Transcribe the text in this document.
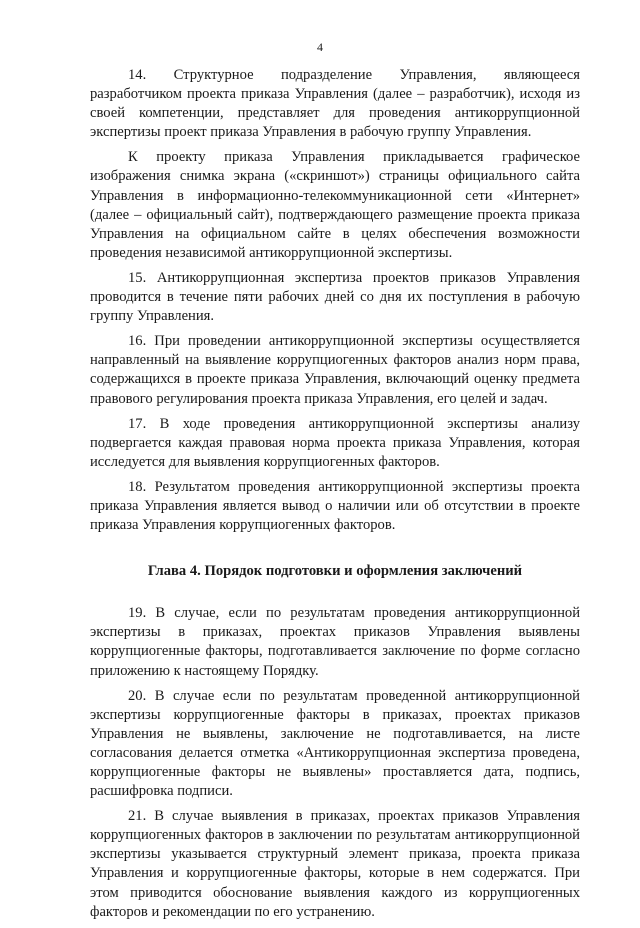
4

14. Структурное подразделение Управления, являющееся разработчиком проекта приказа Управления (далее – разработчик), исходя из своей компетенции, представляет для проведения антикоррупционной экспертизы проект приказа Управления в рабочую группу Управления.

К проекту приказа Управления прикладывается графическое изображения снимка экрана («скриншот») страницы официального сайта Управления в информационно-телекоммуникационной сети «Интернет» (далее – официальный сайт), подтверждающего размещение проекта приказа Управления на официальном сайте в целях обеспечения возможности проведения независимой антикоррупционной экспертизы.

15. Антикоррупционная экспертиза проектов приказов Управления проводится в течение пяти рабочих дней со дня их поступления в рабочую группу Управления.

16. При проведении антикоррупционной экспертизы осуществляется направленный на выявление коррупциогенных факторов анализ норм права, содержащихся в проекте приказа Управления, включающий оценку предмета правового регулирования проекта приказа Управления, его целей и задач.

17. В ходе проведения антикоррупционной экспертизы анализу подвергается каждая правовая норма проекта приказа Управления, которая исследуется для выявления коррупциогенных факторов.

18. Результатом проведения антикоррупционной экспертизы проекта приказа Управления является вывод о наличии или об отсутствии в проекте приказа Управления коррупциогенных факторов.

Глава 4. Порядок подготовки и оформления заключений

19. В случае, если по результатам проведения антикоррупционной экспертизы в приказах, проектах приказов Управления выявлены коррупциогенные факторы, подготавливается заключение по форме согласно приложению к настоящему Порядку.

20. В случае если по результатам проведенной антикоррупционной экспертизы коррупциогенные факторы в приказах, проектах приказов Управления не выявлены, заключение не подготавливается, на листе согласования делается отметка «Антикоррупционная экспертиза проведена, коррупциогенные факторы не выявлены» проставляется дата, подпись, расшифровка подписи.

21. В случае выявления в приказах, проектах приказов Управления коррупциогенных факторов в заключении по результатам антикоррупционной экспертизы указывается структурный элемент приказа, проекта приказа Управления и коррупциогенные факторы, которые в нем содержатся. При этом приводится обоснование выявления каждого из коррупциогенных факторов и рекомендации по его устранению.
